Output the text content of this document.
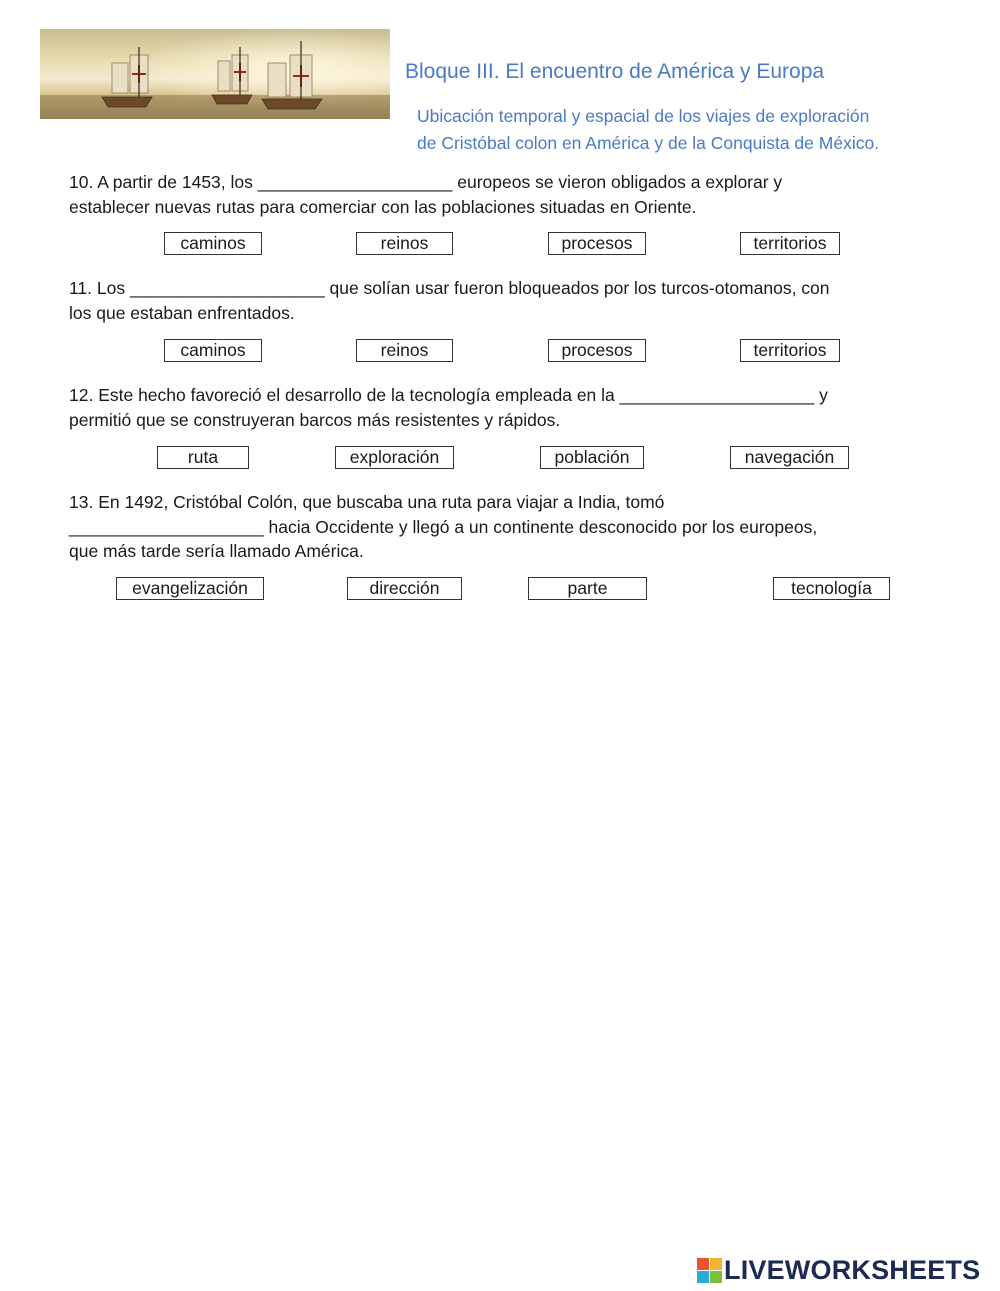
Bloque III. El encuentro de América y Europa
Ubicación temporal y espacial de los viajes de exploración
de Cristóbal colon en América y de la Conquista de México.
10. A partir de 1453, los ____________________ europeos se vieron obligados a explorar y
establecer nuevas rutas para comerciar con las poblaciones situadas en Oriente.
caminos	reinos	procesos	territorios
11. Los ____________________ que solían usar fueron bloqueados por los turcos-otomanos, con
los que estaban enfrentados.
caminos	reinos	procesos	territorios
12. Este hecho favoreció el desarrollo de la tecnología empleada en la ____________________ y
permitió que se construyeran barcos más resistentes y rápidos.
ruta	exploración	población	navegación
13. En 1492, Cristóbal Colón, que buscaba una ruta para viajar a India, tomó
____________________ hacia Occidente y llegó a un continente desconocido por los europeos,
que más tarde sería llamado América.
evangelización	dirección	parte	tecnología
LIVEWORKSHEETS
